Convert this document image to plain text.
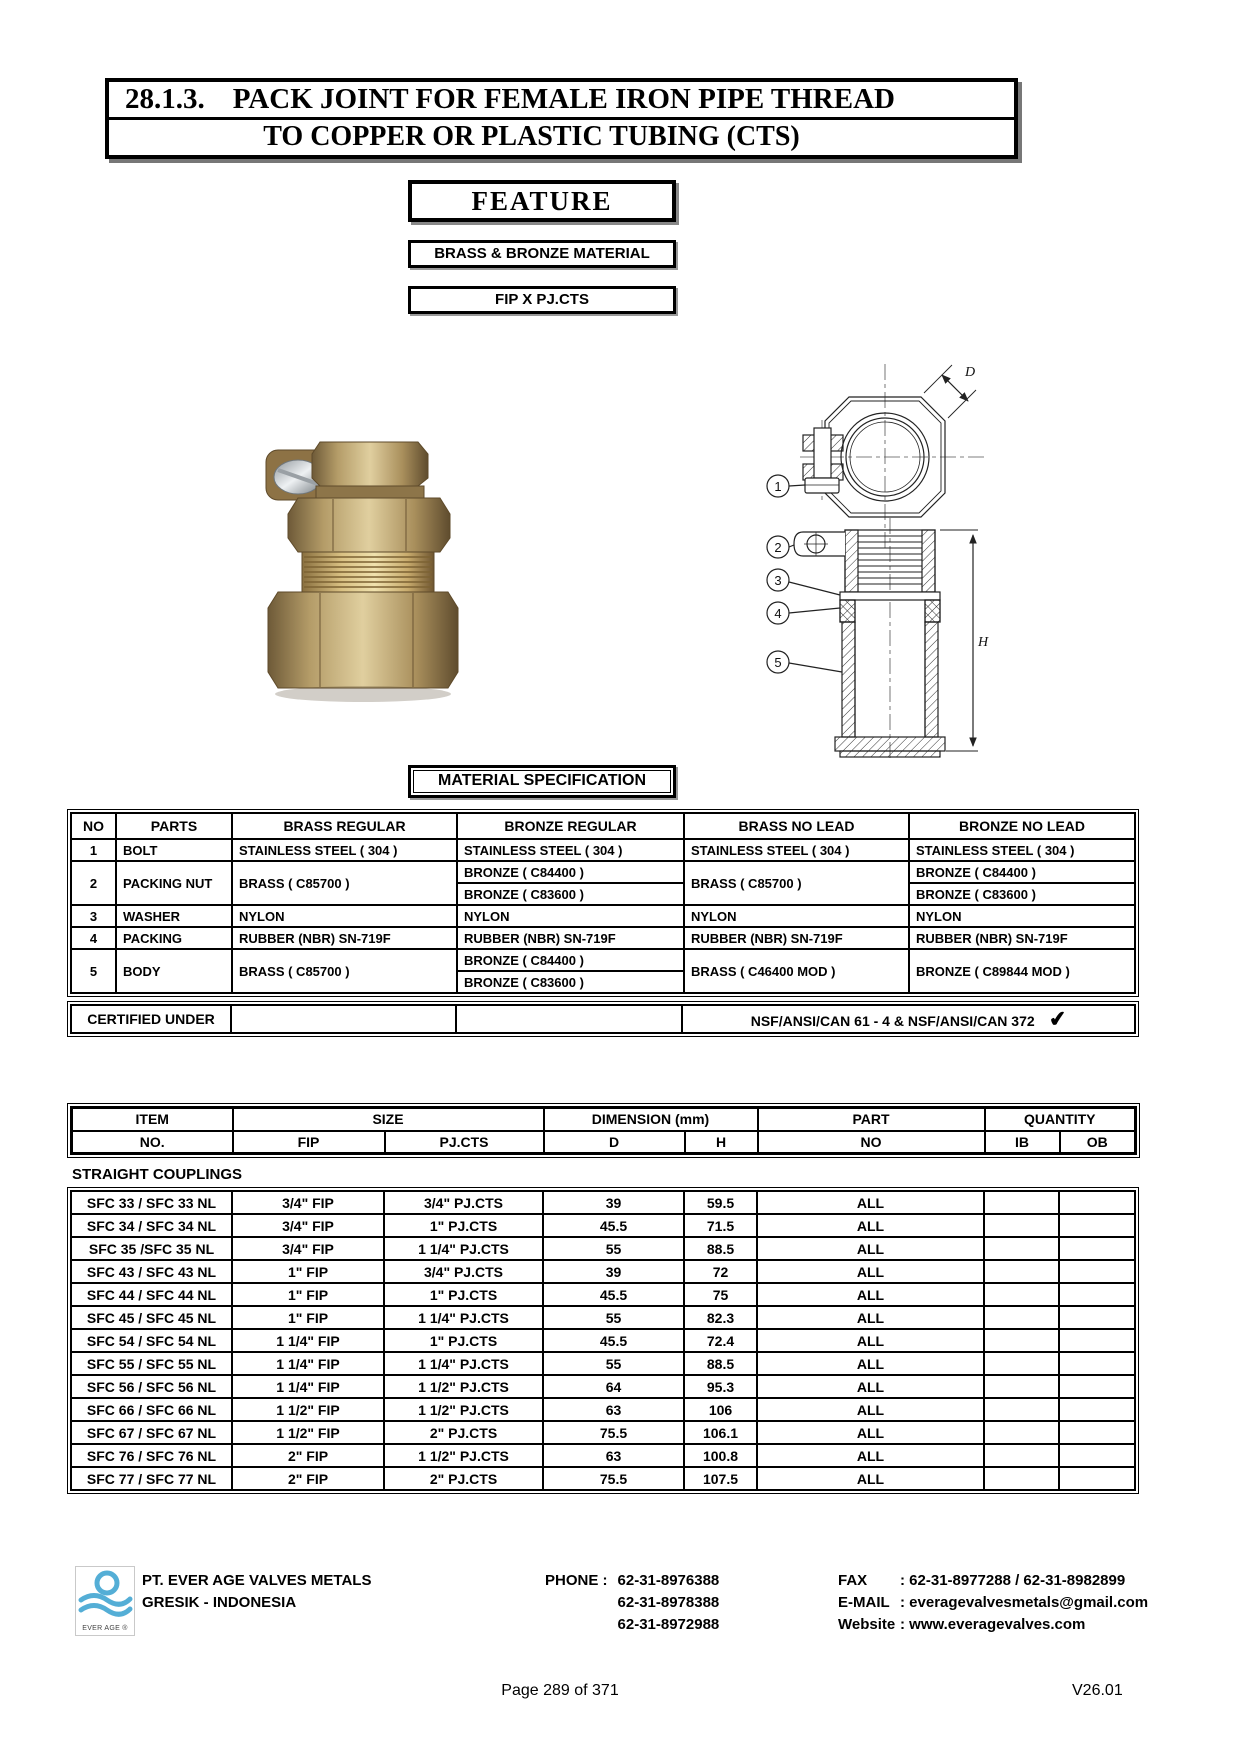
28.1.3. PACK JOINT FOR FEMALE IRON PIPE THREAD
TO COPPER OR PLASTIC TUBING (CTS)
FEATURE
BRASS & BRONZE MATERIAL
FIP X PJ.CTS
1
2
3
4
5
D
H
MATERIAL SPECIFICATION
NO	PARTS	BRASS REGULAR	BRONZE REGULAR	BRASS NO LEAD	BRONZE NO LEAD
1	BOLT	STAINLESS STEEL ( 304 )	STAINLESS STEEL ( 304 )	STAINLESS STEEL ( 304 )	STAINLESS STEEL ( 304 )
2	PACKING NUT	BRASS ( C85700 )	BRONZE ( C84400 )	BRASS ( C85700 )	BRONZE ( C84400 )
			BRONZE ( C83600 )		BRONZE ( C83600 )
3	WASHER	NYLON	NYLON	NYLON	NYLON
4	PACKING	RUBBER (NBR) SN-719F	RUBBER (NBR) SN-719F	RUBBER (NBR) SN-719F	RUBBER (NBR) SN-719F
5	BODY	BRASS ( C85700 )	BRONZE ( C84400 )	BRASS ( C46400 MOD )	BRONZE ( C89844 MOD )
			BRONZE ( C83600 )		
CERTIFIED UNDER			NSF/ANSI/CAN 61 - 4 & NSF/ANSI/CAN 372 ✔
ITEM	SIZE		DIMENSION (mm)		PART	QUANTITY	
NO.	FIP	PJ.CTS	D	H	NO	IB	OB
STRAIGHT COUPLINGS
SFC 33 / SFC 33 NL	3/4" FIP	3/4" PJ.CTS	39	59.5	ALL		
SFC 34 / SFC 34 NL	3/4" FIP	1" PJ.CTS	45.5	71.5	ALL		
SFC 35 /SFC 35 NL	3/4" FIP	1 1/4" PJ.CTS	55	88.5	ALL		
SFC 43 / SFC 43 NL	1" FIP	3/4" PJ.CTS	39	72	ALL		
SFC 44 / SFC 44 NL	1" FIP	1" PJ.CTS	45.5	75	ALL		
SFC 45 / SFC 45 NL	1" FIP	1 1/4" PJ.CTS	55	82.3	ALL		
SFC 54 / SFC 54 NL	1 1/4" FIP	1" PJ.CTS	45.5	72.4	ALL		
SFC 55 / SFC 55 NL	1 1/4" FIP	1 1/4" PJ.CTS	55	88.5	ALL		
SFC 56 / SFC 56 NL	1 1/4" FIP	1 1/2" PJ.CTS	64	95.3	ALL		
SFC 66 / SFC 66 NL	1 1/2" FIP	1 1/2" PJ.CTS	63	106	ALL		
SFC 67 / SFC 67 NL	1 1/2" FIP	2" PJ.CTS	75.5	106.1	ALL		
SFC 76 / SFC 76 NL	2" FIP	1 1/2" PJ.CTS	63	100.8	ALL		
SFC 77 / SFC 77 NL	2" FIP	2" PJ.CTS	75.5	107.5	ALL		
EVER AGE ®
PT. EVER AGE VALVES METALS
GRESIK - INDONESIA
PHONE : 62-31-8976388
62-31-8978388
62-31-8972988
FAX : 62-31-8977288 / 62-31-8982899
E-MAIL : everagevalvesmetals@gmail.com
Website : www.everagevalves.com
Page 289 of 371	V26.01
